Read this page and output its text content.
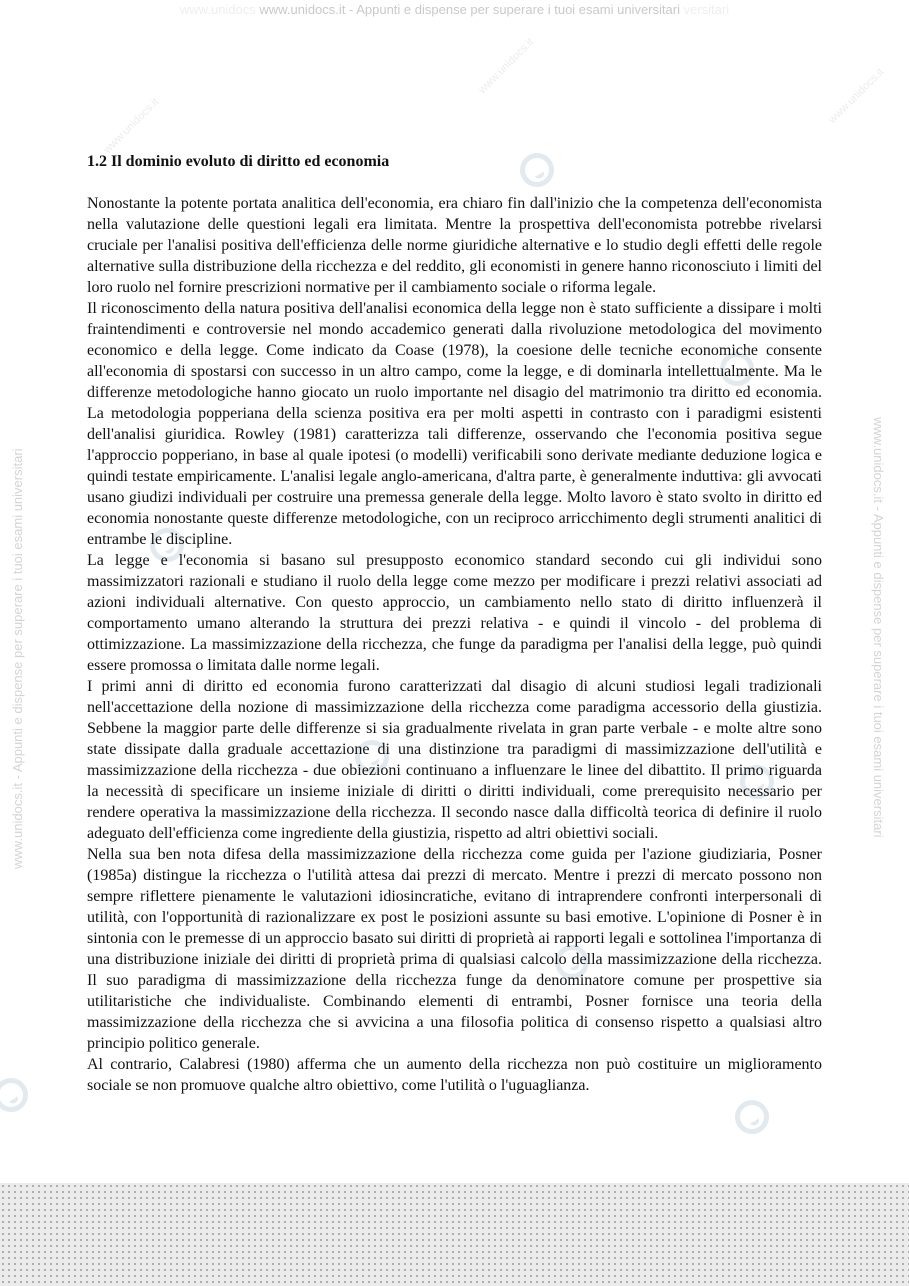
www.unidocs www.unidocs.it - Appunti e dispense per superare i tuoi esami universitari versitari
www.unidocs.it - Appunti e dispense per superare i tuoi esami universitari	www.unidocs.it - Appunti e dispense per superare i tuoi esami universitari
www.unidocs.it
www.unidocs.it
www.unidocs.it
1.2 Il dominio evoluto di diritto ed economia

Nonostante la potente portata analitica dell'economia, era chiaro fin dall'inizio che la competenza dell'economista nella valutazione delle questioni legali era limitata. Mentre la prospettiva dell'economista potrebbe rivelarsi cruciale per l'analisi positiva dell'efficienza delle norme giuridiche alternative e lo studio degli effetti delle regole alternative sulla distribuzione della ricchezza e del reddito, gli economisti in genere hanno riconosciuto i limiti del loro ruolo nel fornire prescrizioni normative per il cambiamento sociale o riforma legale.

Il riconoscimento della natura positiva dell'analisi economica della legge non è stato sufficiente a dissipare i molti fraintendimenti e controversie nel mondo accademico generati dalla rivoluzione metodologica del movimento economico e della legge. Come indicato da Coase (1978), la coesione delle tecniche economiche consente all'economia di spostarsi con successo in un altro campo, come la legge, e di dominarla intellettualmente. Ma le differenze metodologiche hanno giocato un ruolo importante nel disagio del matrimonio tra diritto ed economia. La metodologia popperiana della scienza positiva era per molti aspetti in contrasto con i paradigmi esistenti dell'analisi giuridica. Rowley (1981) caratterizza tali differenze, osservando che l'economia positiva segue l'approccio popperiano, in base al quale ipotesi (o modelli) verificabili sono derivate mediante deduzione logica e quindi testate empiricamente. L'analisi legale anglo-americana, d'altra parte, è generalmente induttiva: gli avvocati usano giudizi individuali per costruire una premessa generale della legge. Molto lavoro è stato svolto in diritto ed economia nonostante queste differenze metodologiche, con un reciproco arricchimento degli strumenti analitici di entrambe le discipline.

La legge e l'economia si basano sul presupposto economico standard secondo cui gli individui sono massimizzatori razionali e studiano il ruolo della legge come mezzo per modificare i prezzi relativi associati ad azioni individuali alternative. Con questo approccio, un cambiamento nello stato di diritto influenzerà il comportamento umano alterando la struttura dei prezzi relativa - e quindi il vincolo - del problema di ottimizzazione. La massimizzazione della ricchezza, che funge da paradigma per l'analisi della legge, può quindi essere promossa o limitata dalle norme legali.

I primi anni di diritto ed economia furono caratterizzati dal disagio di alcuni studiosi legali tradizionali nell'accettazione della nozione di massimizzazione della ricchezza come paradigma accessorio della giustizia. Sebbene la maggior parte delle differenze si sia gradualmente rivelata in gran parte verbale - e molte altre sono state dissipate dalla graduale accettazione di una distinzione tra paradigmi di massimizzazione dell'utilità e massimizzazione della ricchezza - due obiezioni continuano a influenzare le linee del dibattito. Il primo riguarda la necessità di specificare un insieme iniziale di diritti o diritti individuali, come prerequisito necessario per rendere operativa la massimizzazione della ricchezza. Il secondo nasce dalla difficoltà teorica di definire il ruolo adeguato dell'efficienza come ingrediente della giustizia, rispetto ad altri obiettivi sociali.

Nella sua ben nota difesa della massimizzazione della ricchezza come guida per l'azione giudiziaria, Posner (1985a) distingue la ricchezza o l'utilità attesa dai prezzi di mercato. Mentre i prezzi di mercato possono non sempre riflettere pienamente le valutazioni idiosincratiche, evitano di intraprendere confronti interpersonali di utilità, con l'opportunità di razionalizzare ex post le posizioni assunte su basi emotive. L'opinione di Posner è in sintonia con le premesse di un approccio basato sui diritti di proprietà ai rapporti legali e sottolinea l'importanza di una distribuzione iniziale dei diritti di proprietà prima di qualsiasi calcolo della massimizzazione della ricchezza. Il suo paradigma di massimizzazione della ricchezza funge da denominatore comune per prospettive sia utilitaristiche che individualiste. Combinando elementi di entrambi, Posner fornisce una teoria della massimizzazione della ricchezza che si avvicina a una filosofia politica di consenso rispetto a qualsiasi altro principio politico generale.

Al contrario, Calabresi (1980) afferma che un aumento della ricchezza non può costituire un miglioramento sociale se non promuove qualche altro obiettivo, come l'utilità o l'uguaglianza.
